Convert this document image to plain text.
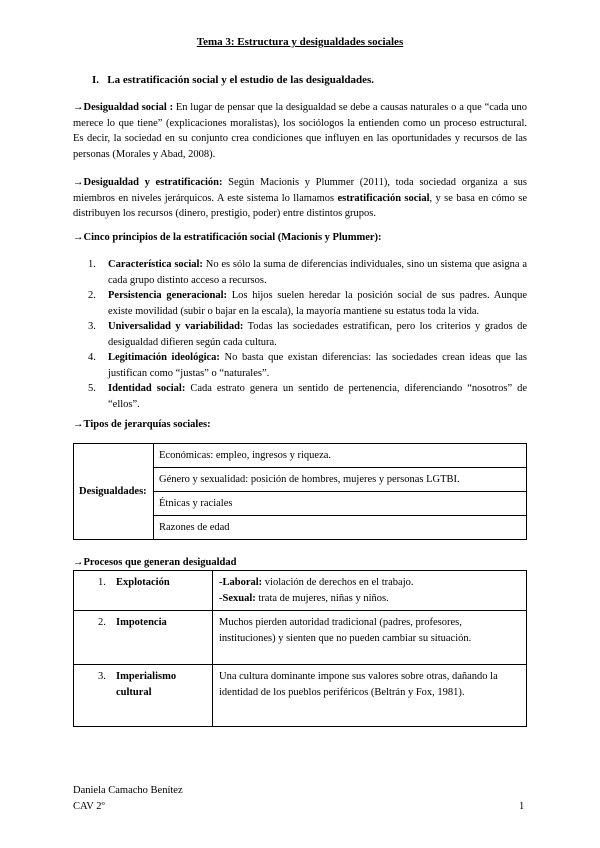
Tema 3: Estructura y desigualdades sociales
I.   La estratificación social y el estudio de las desigualdades.
→Desigualdad social : En lugar de pensar que la desigualdad se debe a causas naturales o a que “cada uno merece lo que tiene” (explicaciones moralistas), los sociólogos la entienden como un proceso estructural. Es decir, la sociedad en su conjunto crea condiciones que influyen en las oportunidades y recursos de las personas (Morales y Abad, 2008).
→Desigualdad y estratificación: Según Macionis y Plummer (2011), toda sociedad organiza a sus miembros en niveles jerárquicos. A este sistema lo llamamos estratificación social, y se basa en cómo se distribuyen los recursos (dinero, prestigio, poder) entre distintos grupos.
→Cinco principios de la estratificación social (Macionis y Plummer):
1. Característica social: No es sólo la suma de diferencias individuales, sino un sistema que asigna a cada grupo distinto acceso a recursos.
2. Persistencia generacional: Los hijos suelen heredar la posición social de sus padres. Aunque existe movilidad (subir o bajar en la escala), la mayoría mantiene su estatus toda la vida.
3. Universalidad y variabilidad: Todas las sociedades estratifican, pero los criterios y grados de desigualdad difieren según cada cultura.
4. Legitimación ideológica: No basta que existan diferencias: las sociedades crean ideas que las justifican como “justas” o “naturales”.
5. Identidad social: Cada estrato genera un sentido de pertenencia, diferenciando “nosotros” de “ellos”.
→Tipos de jerarquías sociales:
Desigualdades:	Económicas: empleo, ingresos y riqueza.
Género y sexualidad: posición de hombres, mujeres y personas LGTBI.
Étnicas y raciales
Razones de edad
→Procesos que generan desigualdad
1. Explotación	-Laboral: violación de derechos en el trabajo.
-Sexual: trata de mujeres, niñas y niños.

2. Impotencia	Muchos pierden autoridad tradicional (padres, profesores, instituciones) y sienten que no pueden cambiar su situación.
3. Imperialismo cultural	Una cultura dominante impone sus valores sobre otras, dañando la identidad de los pueblos periféricos (Beltrán y Fox, 1981).
Daniela Camacho Benítez
CAV 2º	1
